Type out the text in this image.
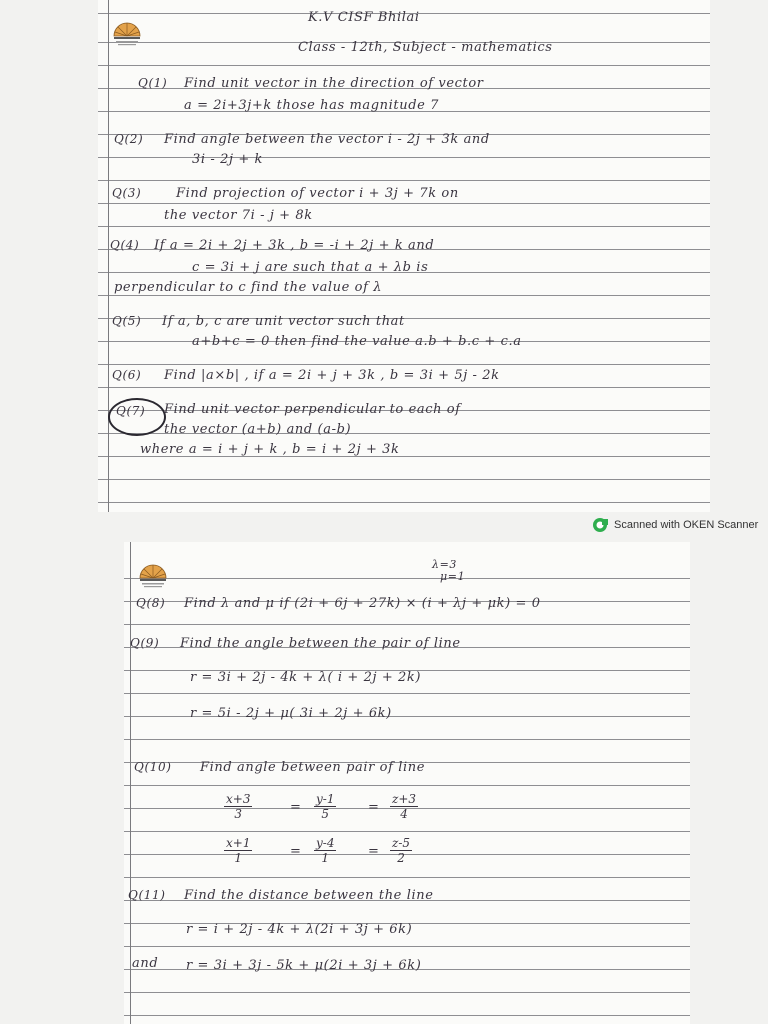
K.V CISF Bhilai
Class - 12th, Subject - mathematics
Q(1) Find unit vector in the direction of vector
a = 2i+3j+k those has magnitude 7
Q(2) Find angle between the vector i - 2j + 3k and
3i - 2j + k
Q(3)	Find projection of vector i + 3j + 7k on
the vector 7i - j + 8k
Q(4) If a = 2i + 2j + 3k , b = -i + 2j + k and
c = 3i + j are such that a + λb is
perpendicular to c find the value of λ
Q(5) If a, b, c are unit vector such that
a+b+c = 0 then find the value a.b + b.c + c.a
Q(6) Find |a×b| , if a = 2i + j + 3k , b = 3i + 5j - 2k
Q(7) Find unit vector perpendicular to each of
the vector (a+b) and (a-b)
where a = i + j + k , b = i + 2j + 3k
Scanned with OKEN Scanner
λ=3
μ=1
Q(8) Find λ and μ if (2i + 6j + 27k) × (i + λj + μk) = 0
Q(9) Find the angle between the pair of line
r = 3i + 2j - 4k + λ( i + 2j + 2k)
r = 5i - 2j + μ( 3i + 2j + 6k)
Q(10) Find angle between pair of line
$\frac{x+3}{3}$	= $\frac{y-1}{5} = \frac{z+3}{4}$
$\frac{x+1}{1}$	= $\frac{y-4}{1} = \frac{z-5}{2}$
Q(11) Find the distance between the line
r = i + 2j - 4k + λ(2i + 3j + 6k)
and r = 3i + 3j - 5k + μ(2i + 3j + 6k)
